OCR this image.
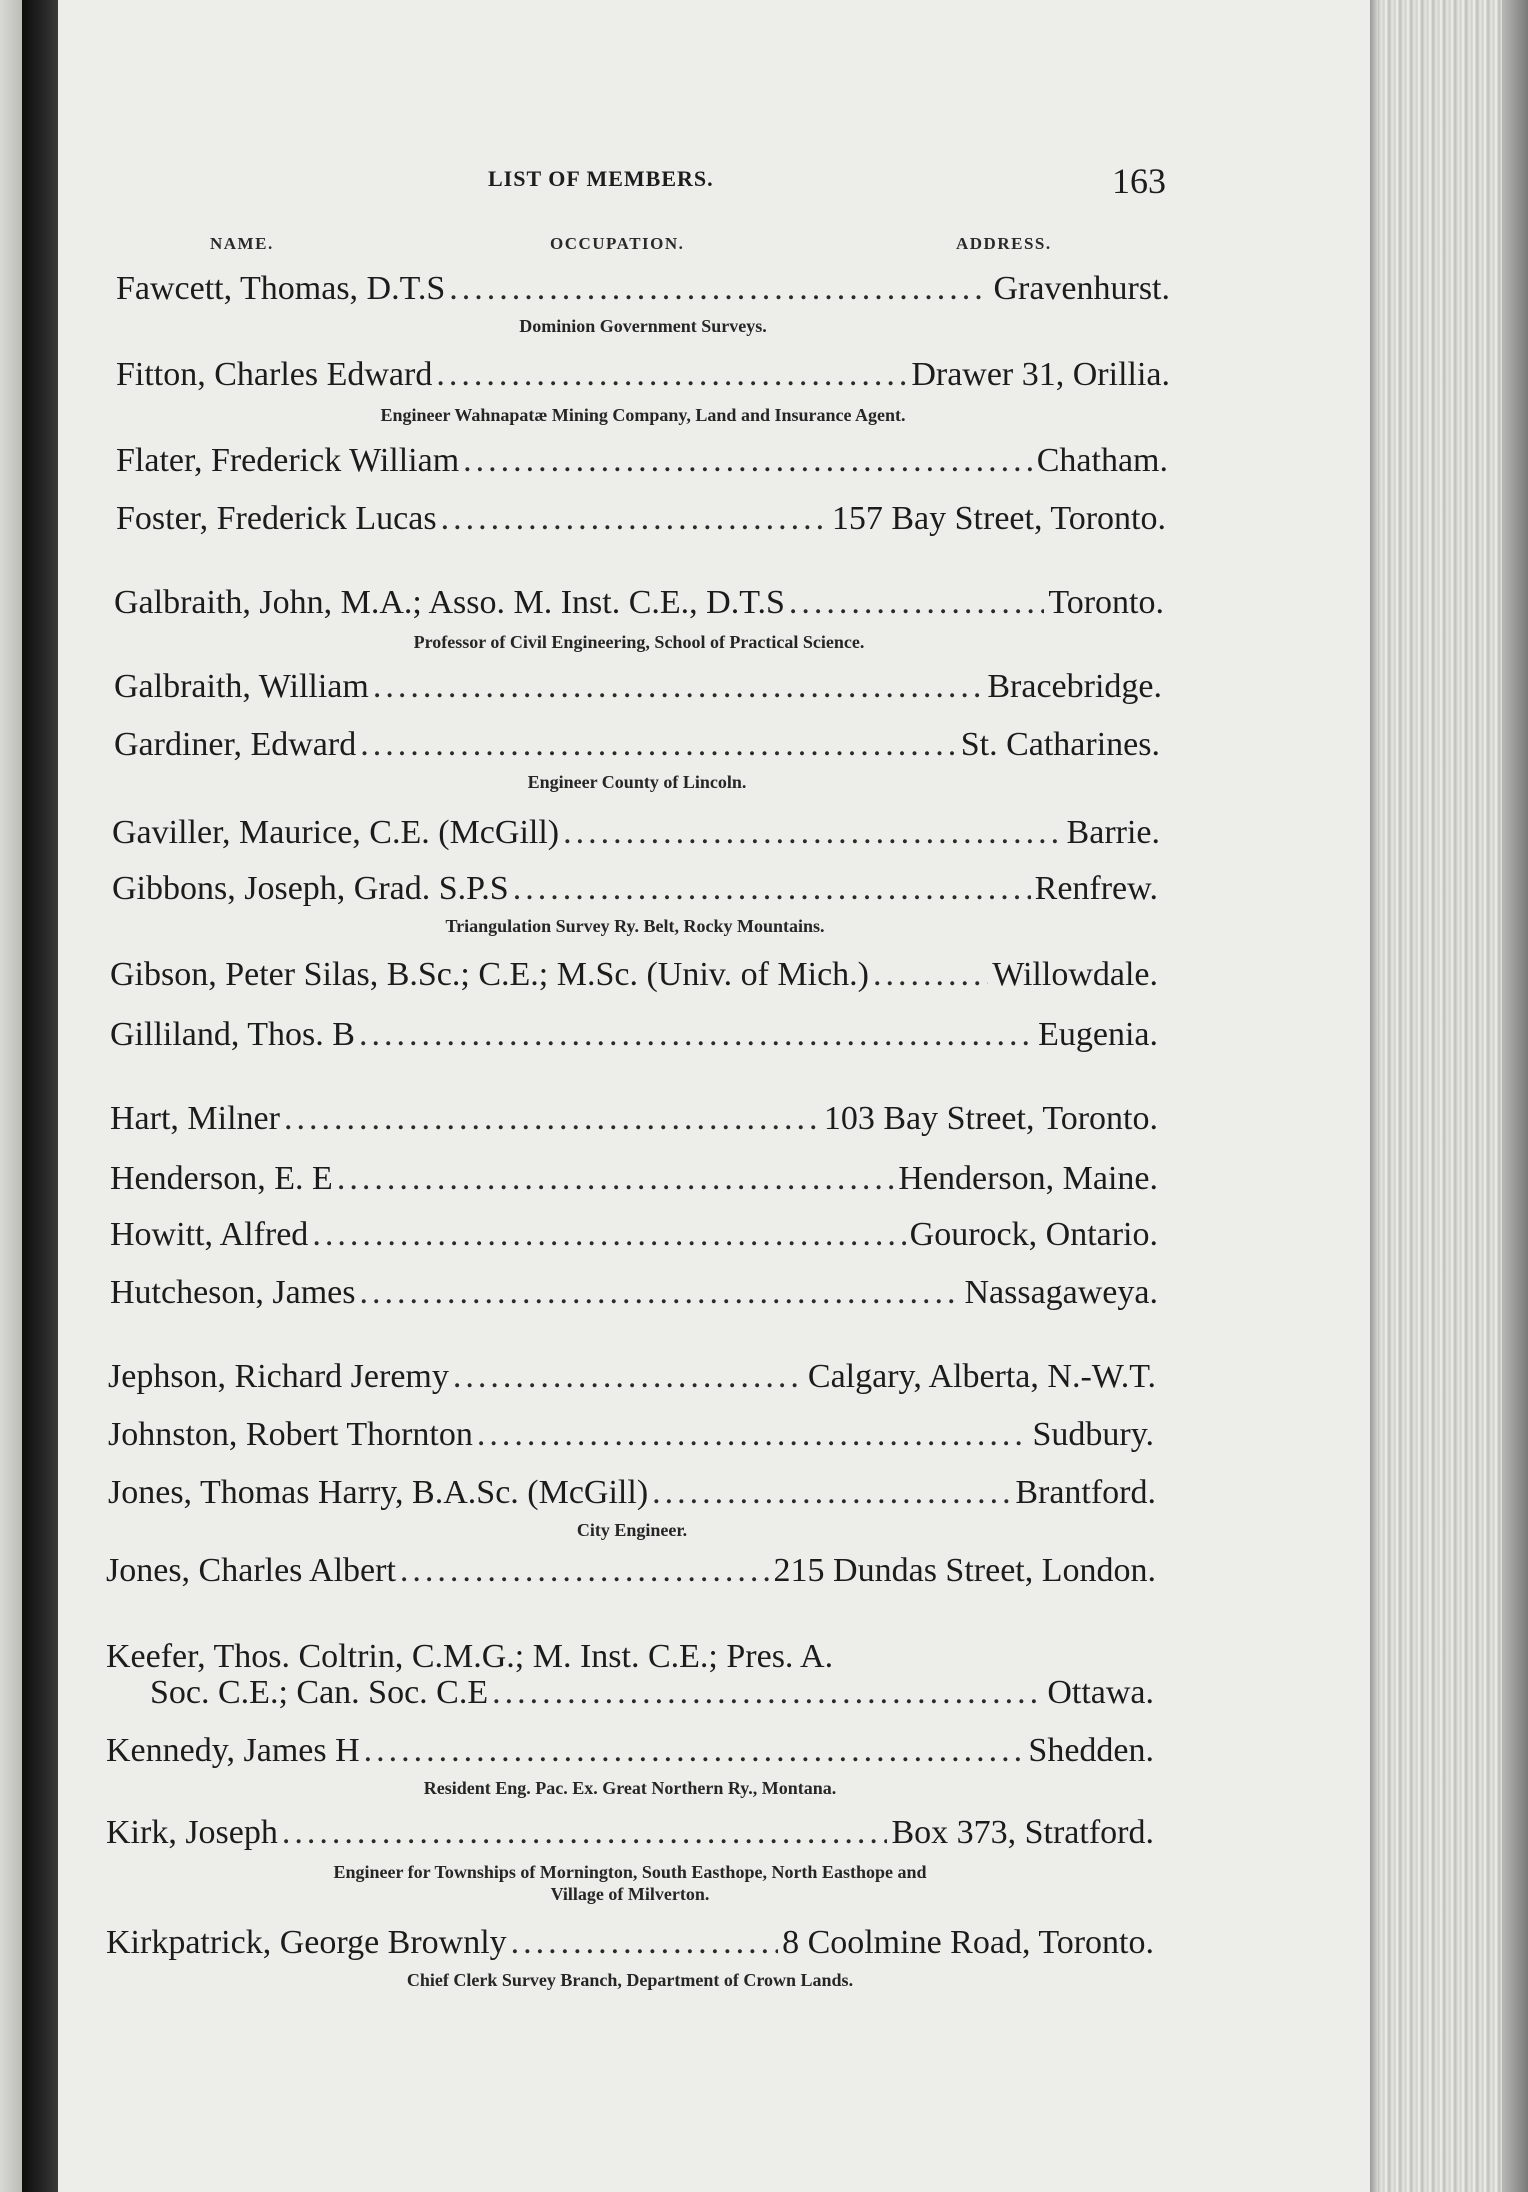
LIST OF MEMBERS.	163
NAME.	OCCUPATION.	ADDRESS.
Fawcett, Thomas, D.T.S .....	Gravenhurst.
Dominion Government Surveys.
Fitton, Charles Edward .....	Drawer 31, Orillia.
Engineer Wahnapatæ Mining Company, Land and Insurance Agent.
Flater, Frederick William .....	Chatham.
Foster, Frederick Lucas .....	157 Bay Street, Toronto.
Galbraith, John, M.A.; Asso. M. Inst. C.E., D.T.S .....	Toronto.
Professor of Civil Engineering, School of Practical Science.
Galbraith, William .....	Bracebridge.
Gardiner, Edward .....	St. Catharines.
Engineer County of Lincoln.
Gaviller, Maurice, C.E. (McGill) .....	Barrie.
Gibbons, Joseph, Grad. S.P.S .....	Renfrew.
Triangulation Survey Ry. Belt, Rocky Mountains.
Gibson, Peter Silas, B.Sc.; C.E.; M.Sc. (Univ. of Mich.) .....	Willowdale.
Gilliland, Thos. B .....	Eugenia.
Hart, Milner .....	103 Bay Street, Toronto.
Henderson, E. E .....	Henderson, Maine.
Howitt, Alfred .....	Gourock, Ontario.
Hutcheson, James .....	Nassagaweya.
Jephson, Richard Jeremy .....	Calgary, Alberta, N.-W.T.
Johnston, Robert Thornton .....	Sudbury.
Jones, Thomas Harry, B.A.Sc. (McGill) .....	Brantford.
City Engineer.
Jones, Charles Albert .....	215 Dundas Street, London.
Keefer, Thos. Coltrin, C.M.G.; M. Inst. C.E.; Pres. A.
Soc. C.E.; Can. Soc. C.E .....	Ottawa.
Kennedy, James H .....	Shedden.
Resident Eng. Pac. Ex. Great Northern Ry., Montana.
Kirk, Joseph .....	Box 373, Stratford.
Engineer for Townships of Mornington, South Easthope, North Easthope and
Village of Milverton.
Kirkpatrick, George Brownly .....	8 Coolmine Road, Toronto.
Chief Clerk Survey Branch, Department of Crown Lands.
